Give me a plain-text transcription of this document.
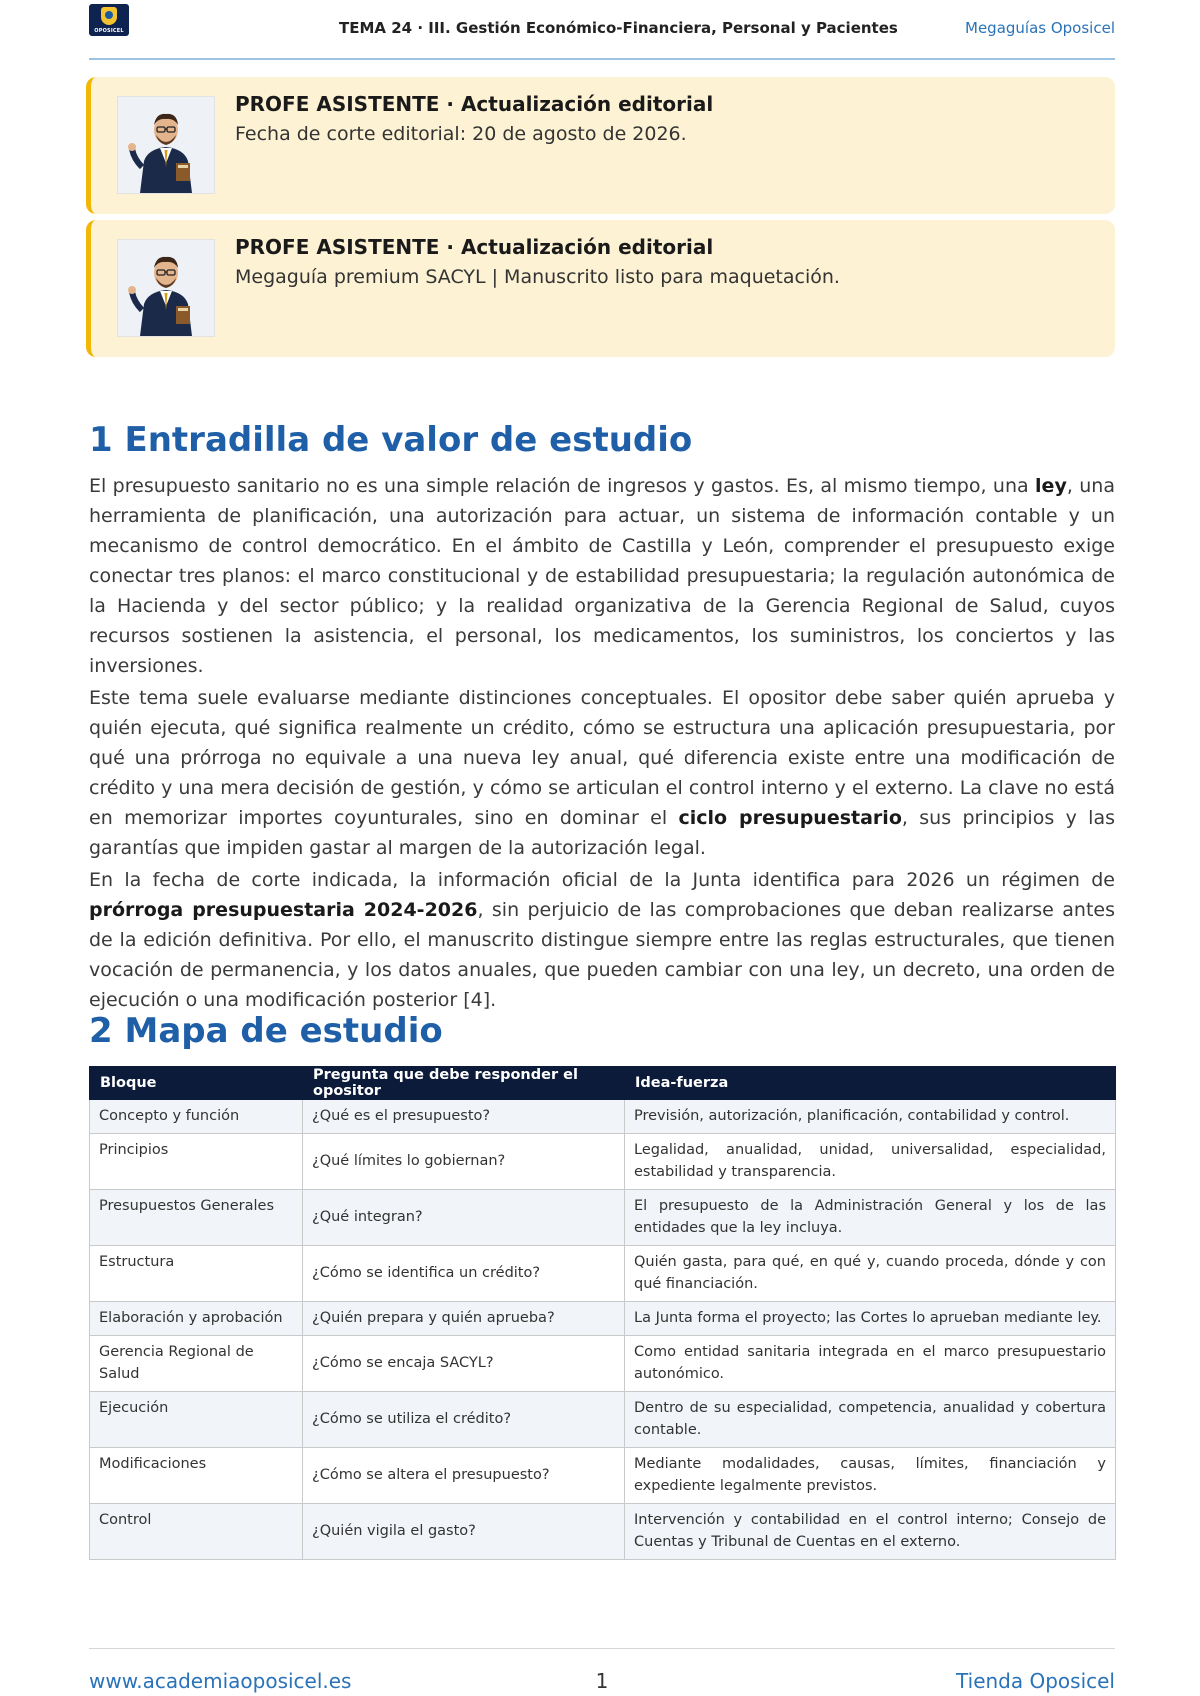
OPOSICEL	TEMA 24 · III. Gestión Económico-Financiera, Personal y Pacientes	Megaguías Oposicel
PROFE ASISTENTE · Actualización editorial
Fecha de corte editorial: 20 de agosto de 2026.
PROFE ASISTENTE · Actualización editorial
Megaguía premium SACYL | Manuscrito listo para maquetación.
1 Entradilla de valor de estudio

El presupuesto sanitario no es una simple relación de ingresos y gastos. Es, al mismo tiempo, una ley, una herramienta de planificación, una autorización para actuar, un sistema de información contable y un mecanismo de control democrático. En el ámbito de Castilla y León, comprender el presupuesto exige conectar tres planos: el marco constitucional y de estabilidad presupuestaria; la regulación autonómica de la Hacienda y del sector público; y la realidad organizativa de la Gerencia Regional de Salud, cuyos recursos sostienen la asistencia, el personal, los medicamentos, los suministros, los conciertos y las inversiones.

Este tema suele evaluarse mediante distinciones conceptuales. El opositor debe saber quién aprueba y quién ejecuta, qué significa realmente un crédito, cómo se estructura una aplicación presupuestaria, por qué una prórroga no equivale a una nueva ley anual, qué diferencia existe entre una modificación de crédito y una mera decisión de gestión, y cómo se articulan el control interno y el externo. La clave no está en memorizar importes coyunturales, sino en dominar el ciclo presupuestario, sus principios y las garantías que impiden gastar al margen de la autorización legal.

En la fecha de corte indicada, la información oficial de la Junta identifica para 2026 un régimen de prórroga presupuestaria 2024-2026, sin perjuicio de las comprobaciones que deban realizarse antes de la edición definitiva. Por ello, el manuscrito distingue siempre entre las reglas estructurales, que tienen vocación de permanencia, y los datos anuales, que pueden cambiar con una ley, un decreto, una orden de ejecución o una modificación posterior [4].

2 Mapa de estudio
Bloque	Pregunta que debe responder el opositor	Idea-fuerza
Concepto y función	¿Qué es el presupuesto?	Previsión, autorización, planificación, contabilidad y control.
Principios	¿Qué límites lo gobiernan?	Legalidad, anualidad, unidad, universalidad, especialidad, estabilidad y transparencia.
Presupuestos Generales	¿Qué integran?	El presupuesto de la Administración General y los de las entidades que la ley incluya.
Estructura	¿Cómo se identifica un crédito?	Quién gasta, para qué, en qué y, cuando proceda, dónde y con qué financiación.
Elaboración y aprobación	¿Quién prepara y quién aprueba?	La Junta forma el proyecto; las Cortes lo aprueban mediante ley.
Gerencia Regional de Salud	¿Cómo se encaja SACYL?	Como entidad sanitaria integrada en el marco presupuestario autonómico.
Ejecución	¿Cómo se utiliza el crédito?	Dentro de su especialidad, competencia, anualidad y cobertura contable.
Modificaciones	¿Cómo se altera el presupuesto?	Mediante modalidades, causas, límites, financiación y expediente legalmente previstos.
Control	¿Quién vigila el gasto?	Intervención y contabilidad en el control interno; Consejo de Cuentas y Tribunal de Cuentas en el externo.
1
www.academiaoposicel.es	Tienda Oposicel
